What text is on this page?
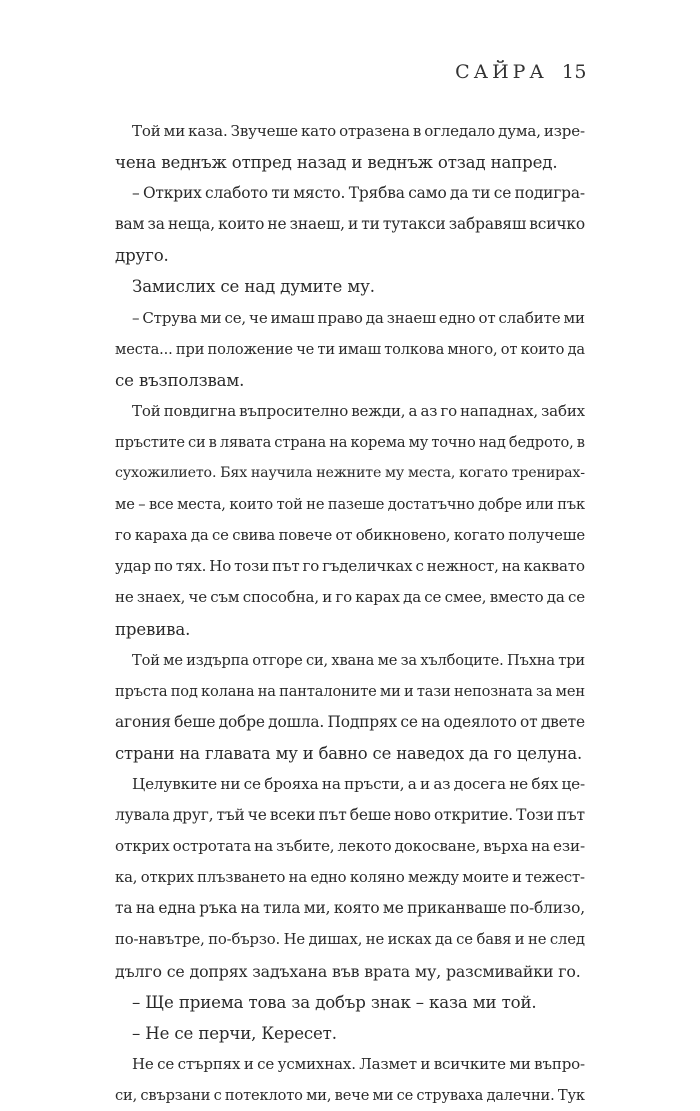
САЙРА 15
Той ми каза. Звучеше като отразена в огледало дума, изре-
чена веднъж отпред назад и веднъж отзад напред.
– Открих слабото ти място. Трябва само да ти се подигра-
вам за неща, които не знаеш, и ти тутакси забравяш всичко
друго.
Замислих се над думите му.
– Струва ми се, че имаш право да знаеш едно от слабите ми
места... при положение че ти имаш толкова много, от които да
се възползвам.
Той повдигна въпросително вежди, а аз го нападнах, забих
пръстите си в лявата страна на корема му точно над бедрото, в
сухожилието. Бях научила нежните му места, когато тренирах-
ме – все места, които той не пазеше достатъчно добре или пък
го караха да се свива повече от обикновено, когато получеше
удар по тях. Но този път го гъделичках с нежност, на каквато
не знаех, че съм способна, и го карах да се смее, вместо да се
превива.
Той ме издърпа отгоре си, хвана ме за хълбоците. Пъхна три
пръста под колана на панталоните ми и тази непозната за мен
агония беше добре дошла. Подпрях се на одеялото от двете
страни на главата му и бавно се наведох да го целуна.
Целувките ни се брояха на пръсти, а и аз досега не бях це-
лувала друг, тъй че всеки път беше ново откритие. Този път
открих остротата на зъбите, лекото докосване, върха на ези-
ка, открих плъзването на едно коляно между моите и тежест-
та на една ръка на тила ми, която ме приканваше по-близо,
по-навътре, по-бързо. Не дишах, не исках да се бавя и не след
дълго се допрях задъхана във врата му, разсмивайки го.
– Ще приема това за добър знак – каза ми той.
– Не се перчи, Кересет.
Не се стърпях и се усмихнах. Лазмет и всичките ми въпро-
си, свързани с потеклото ми, вече ми се струваха далечни. Тук
